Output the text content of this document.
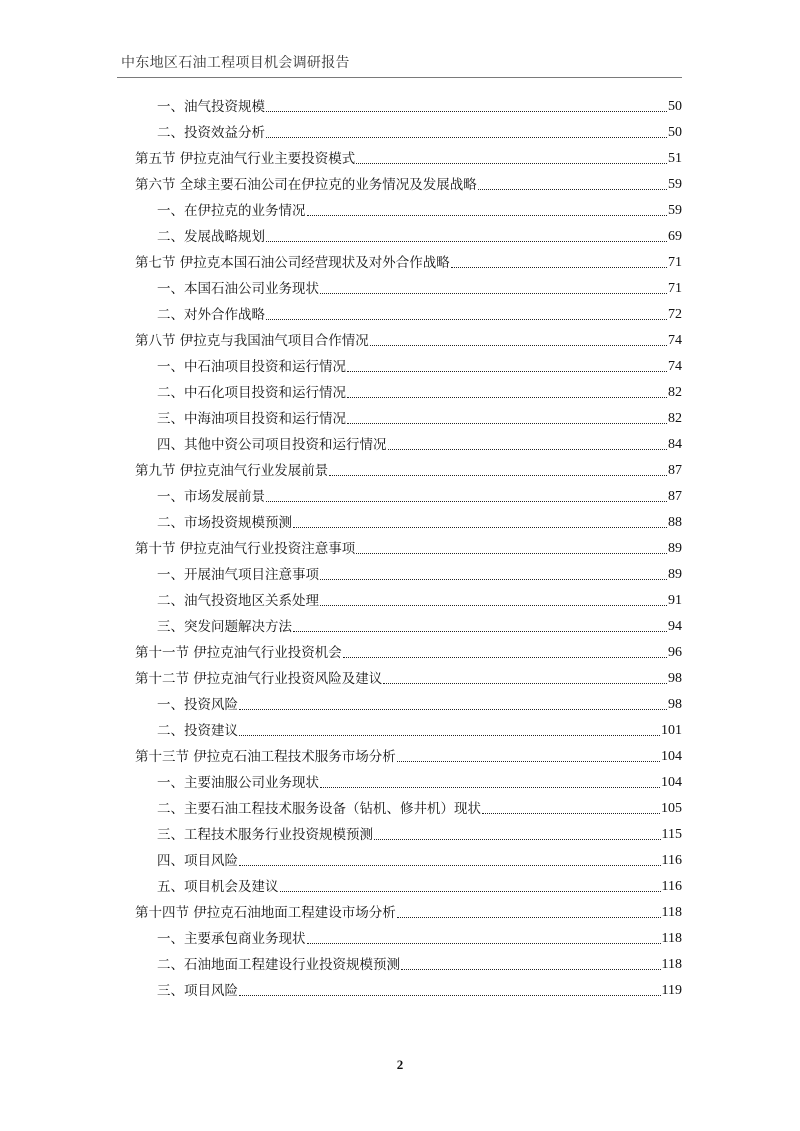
中东地区石油工程项目机会调研报告
一、油气投资规模	50
二、投资效益分析	50
第五节 伊拉克油气行业主要投资模式	51
第六节 全球主要石油公司在伊拉克的业务情况及发展战略	59
一、在伊拉克的业务情况	59
二、发展战略规划	69
第七节 伊拉克本国石油公司经营现状及对外合作战略	71
一、本国石油公司业务现状	71
二、对外合作战略	72
第八节 伊拉克与我国油气项目合作情况	74
一、中石油项目投资和运行情况	74
二、中石化项目投资和运行情况	82
三、中海油项目投资和运行情况	82
四、其他中资公司项目投资和运行情况	84
第九节 伊拉克油气行业发展前景	87
一、市场发展前景	87
二、市场投资规模预测	88
第十节 伊拉克油气行业投资注意事项	89
一、开展油气项目注意事项	89
二、油气投资地区关系处理	91
三、突发问题解决方法	94
第十一节 伊拉克油气行业投资机会	96
第十二节 伊拉克油气行业投资风险及建议	98
一、投资风险	98
二、投资建议	101
第十三节 伊拉克石油工程技术服务市场分析	104
一、主要油服公司业务现状	104
二、主要石油工程技术服务设备（钻机、修井机）现状	105
三、工程技术服务行业投资规模预测	115
四、项目风险	116
五、项目机会及建议	116
第十四节 伊拉克石油地面工程建设市场分析	118
一、主要承包商业务现状	118
二、石油地面工程建设行业投资规模预测	118
三、项目风险	119
2
